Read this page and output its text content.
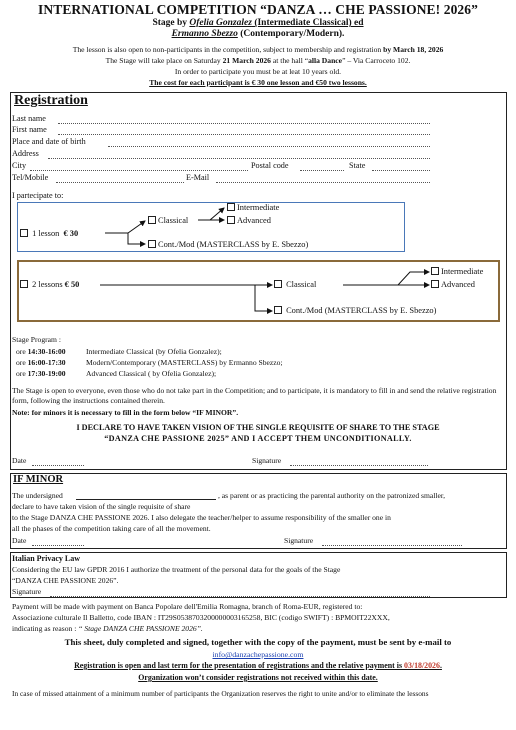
INTERNATIONAL COMPETITION “DANZA … CHE PASSIONE! 2026”
Stage by Ofelia Gonzalez (Intermediate Classical) ed
Ermanno Sbezzo (Contemporary/Modern).
The lesson is also open to non-participants in the competition, subject to membership and registration by March 18, 2026
The Stage will take place on Saturday 21 March 2026 at the hall “alla Dance” – Via Carroceto 102.
In order to participate you must be at leat 10 years old.
The cost for each participant is € 30 one lesson and €50 two lessons.
Registration
Last name
First name
Place and date of birth
Address
City	Postal code	State
Tel/Mobile	E-Mail
I partecipate to:
1 lesson € 30
Classical
Intermediate
Advanced
Cont./Mod (MASTERCLASS by E. Sbezzo)
2 lessons € 50	Classical
Intermediate
Advanced
Cont./Mod (MASTERCLASS by E. Sbezzo)
Stage Program :
ore 14:30-16:00	Intermediate Classical (by Ofelia Gonzalez);
ore 16:00-17:30	Modern/Contemporary (MASTERCLASS) by Ermanno Sbezzo;
ore 17:30-19:00	Advanced Classical ( by Ofelia Gonzalez);
The Stage is open to everyone, even those who do not take part in the Competition; and to participate, it is mandatory to fill in and send the relative registration form, following the instructions contained therein.
Note: for minors it is necessary to fill in the form below “IF MINOR”.
I DECLARE TO HAVE TAKEN VISION OF THE SINGLE REQUISITE OF SHARE TO THE STAGE
“DANZA CHE PASSIONE 2025” AND I ACCEPT THEM UNCONDITIONALLY.
Date	Signature
IF MINOR
The undersigned	, as parent or as practicing the parental authority on the patronized smaller,
declare to have taken vision of the single requisite of share
to the Stage DANZA CHE PASSIONE 2026. I also delegate the teacher/helper to assume responsibility of the smaller one in
all the phases of the competition taking care of all the movement.
Date	Signature
Italian Privacy Law
Considering the EU law GPDR 2016 I authorize the treatment of the personal data for the goals of the Stage
“DANZA CHE PASSIONE 2026”.
Signature
Payment will be made with payment on Banca Popolare dell'Emilia Romagna, branch of Roma-EUR, registered to:
Associazione culturale Il Balletto, code IBAN : IT29S0538703200000003165258, BIC (codigo SWIFT) : BPMOIT22XXX,
indicating as reason : “ Stage DANZA CHE PASSIONE 2026”.
This sheet, duly completed and signed, together with the copy of the payment, must be sent by e-mail to
info@danzachepassione.com
Registration is open and last term for the presentation of registrations and the relative payment is 03/18/2026.
Organization won’t consider registrations not received within this date.
In case of missed attainment of a minimum number of participants the Organization reserves the right to unite and/or to eliminate the lessons
